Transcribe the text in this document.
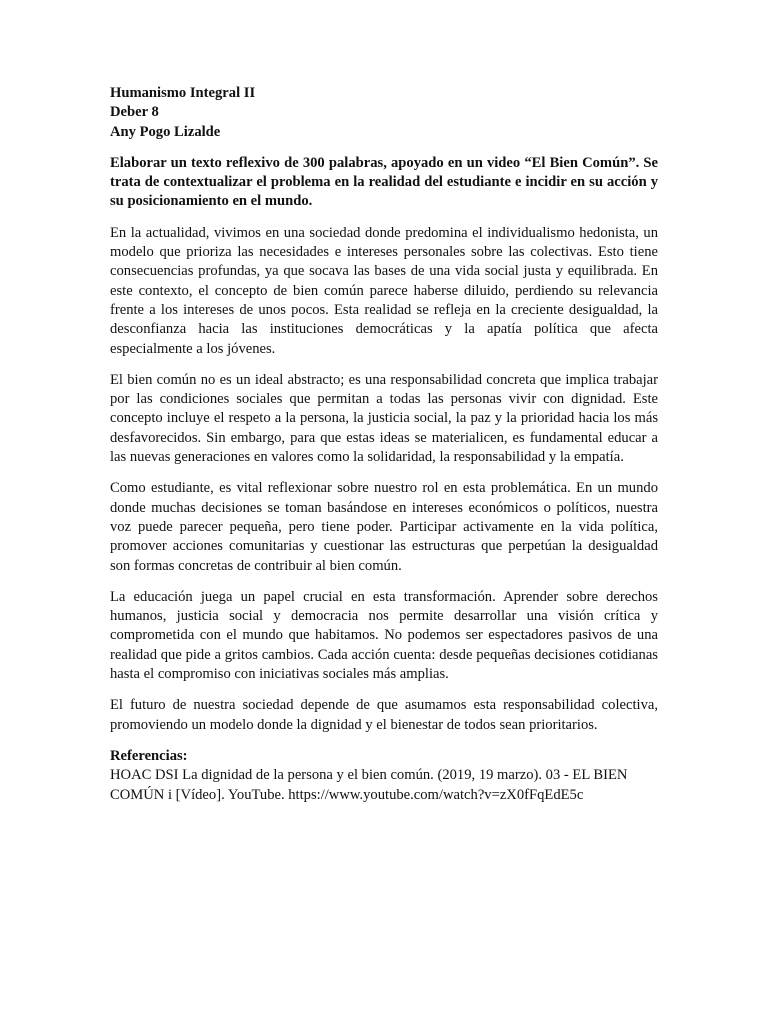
Humanismo Integral II
Deber 8
Any Pogo Lizalde

Elaborar un texto reflexivo de 300 palabras, apoyado en un video “El Bien Común”. Se trata de contextualizar el problema en la realidad del estudiante e incidir en su acción y su posicionamiento en el mundo.

En la actualidad, vivimos en una sociedad donde predomina el individualismo hedonista, un modelo que prioriza las necesidades e intereses personales sobre las colectivas. Esto tiene consecuencias profundas, ya que socava las bases de una vida social justa y equilibrada. En este contexto, el concepto de bien común parece haberse diluido, perdiendo su relevancia frente a los intereses de unos pocos. Esta realidad se refleja en la creciente desigualdad, la desconfianza hacia las instituciones democráticas y la apatía política que afecta especialmente a los jóvenes.

El bien común no es un ideal abstracto; es una responsabilidad concreta que implica trabajar por las condiciones sociales que permitan a todas las personas vivir con dignidad. Este concepto incluye el respeto a la persona, la justicia social, la paz y la prioridad hacia los más desfavorecidos. Sin embargo, para que estas ideas se materialicen, es fundamental educar a las nuevas generaciones en valores como la solidaridad, la responsabilidad y la empatía.

Como estudiante, es vital reflexionar sobre nuestro rol en esta problemática. En un mundo donde muchas decisiones se toman basándose en intereses económicos o políticos, nuestra voz puede parecer pequeña, pero tiene poder. Participar activamente en la vida política, promover acciones comunitarias y cuestionar las estructuras que perpetúan la desigualdad son formas concretas de contribuir al bien común.

La educación juega un papel crucial en esta transformación. Aprender sobre derechos humanos, justicia social y democracia nos permite desarrollar una visión crítica y comprometida con el mundo que habitamos. No podemos ser espectadores pasivos de una realidad que pide a gritos cambios. Cada acción cuenta: desde pequeñas decisiones cotidianas hasta el compromiso con iniciativas sociales más amplias.

El futuro de nuestra sociedad depende de que asumamos esta responsabilidad colectiva, promoviendo un modelo donde la dignidad y el bienestar de todos sean prioritarios.

Referencias:
HOAC DSI La dignidad de la persona y el bien común. (2019, 19 marzo). 03 - EL BIEN COMÚN i [Vídeo]. YouTube. https://www.youtube.com/watch?v=zX0fFqEdE5c
